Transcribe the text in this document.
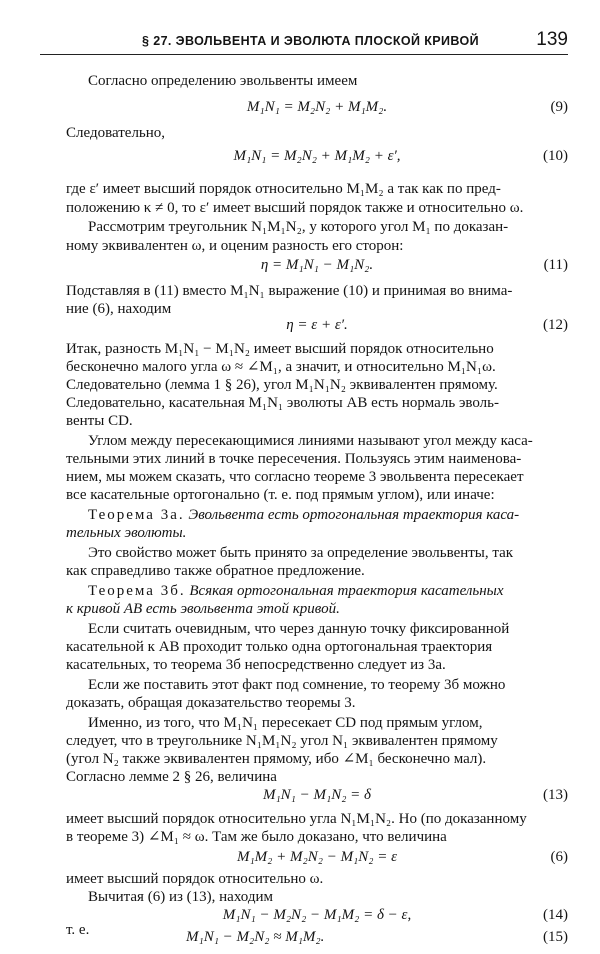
§ 27. ЭВОЛЬВЕНТА И ЭВОЛЮТА ПЛОСКОЙ КРИВОЙ	139
Согласно определению эвольвенты имеем
M₁N₁ = M₂N₂ + M₁M₂.	(9)
Следовательно,
M₁N₁ = M₂N₂ + M₁M₂ + ε′,	(10)
где ε′ имеет высший порядок относительно M₁M₂ а так как по пред-
положению κ ≠ 0, то ε′ имеет высший порядок также и относительно ω.
Рассмотрим треугольник N₁M₁N₂, у которого угол M₁ по доказан-
ному эквивалентен ω, и оценим разность его сторон:
η = M₁N₁ − M₁N₂.	(11)
Подставляя в (11) вместо M₁N₁ выражение (10) и принимая во внима-
ние (6), находим
η = ε + ε′.	(12)
Итак, разность M₁N₁ − M₁N₂ имеет высший порядок относительно
бесконечно малого угла ω ≈ ∠M₁, а значит, и относительно M₁N₁ω.
Следовательно (лемма 1 § 26), угол M₁N₁N₂ эквивалентен прямому.
Следовательно, касательная M₁N₁ эволюты AB есть нормаль эволь-
венты CD.
Углом между пересекающимися линиями называют угол между каса-
тельными этих линий в точке пересечения. Пользуясь этим наименова-
нием, мы можем сказать, что согласно теореме 3 эвольвента пересекает
все касательные ортогонально (т. е. под прямым углом), или иначе:
Теорема 3а. Эвольвента есть ортогональная траектория каса-
тельных эволюты.
Это свойство может быть принято за определение эвольвенты, так
как справедливо также обратное предложение.
Теорема 3б. Всякая ортогональная траектория касательных
к кривой AB есть эвольвента этой кривой.
Если считать очевидным, что через данную точку фиксированной
касательной к AB проходит только одна ортогональная траектория
касательных, то теорема 3б непосредственно следует из 3а.
Если же поставить этот факт под сомнение, то теорему 3б можно
доказать, обращая доказательство теоремы 3.
Именно, из того, что M₁N₁ пересекает CD под прямым углом,
следует, что в треугольнике N₁M₁N₂ угол N₁ эквивалентен прямому
(угол N₂ также эквивалентен прямому, ибо ∠M₁ бесконечно мал).
Согласно лемме 2 § 26, величина
M₁N₁ − M₁N₂ = δ	(13)
имеет высший порядок относительно угла N₁M₁N₂. Но (по доказанному
в теореме 3) ∠M₁ ≈ ω. Там же было доказано, что величина
M₁M₂ + M₂N₂ − M₁N₂ = ε	(6)
имеет высший порядок относительно ω.
Вычитая (6) из (13), находим
M₁N₁ − M₂N₂ − M₁M₂ = δ − ε,	(14)
т. е.	M₁N₁ − M₂N₂ ≈ M₁M₂.	(15)
